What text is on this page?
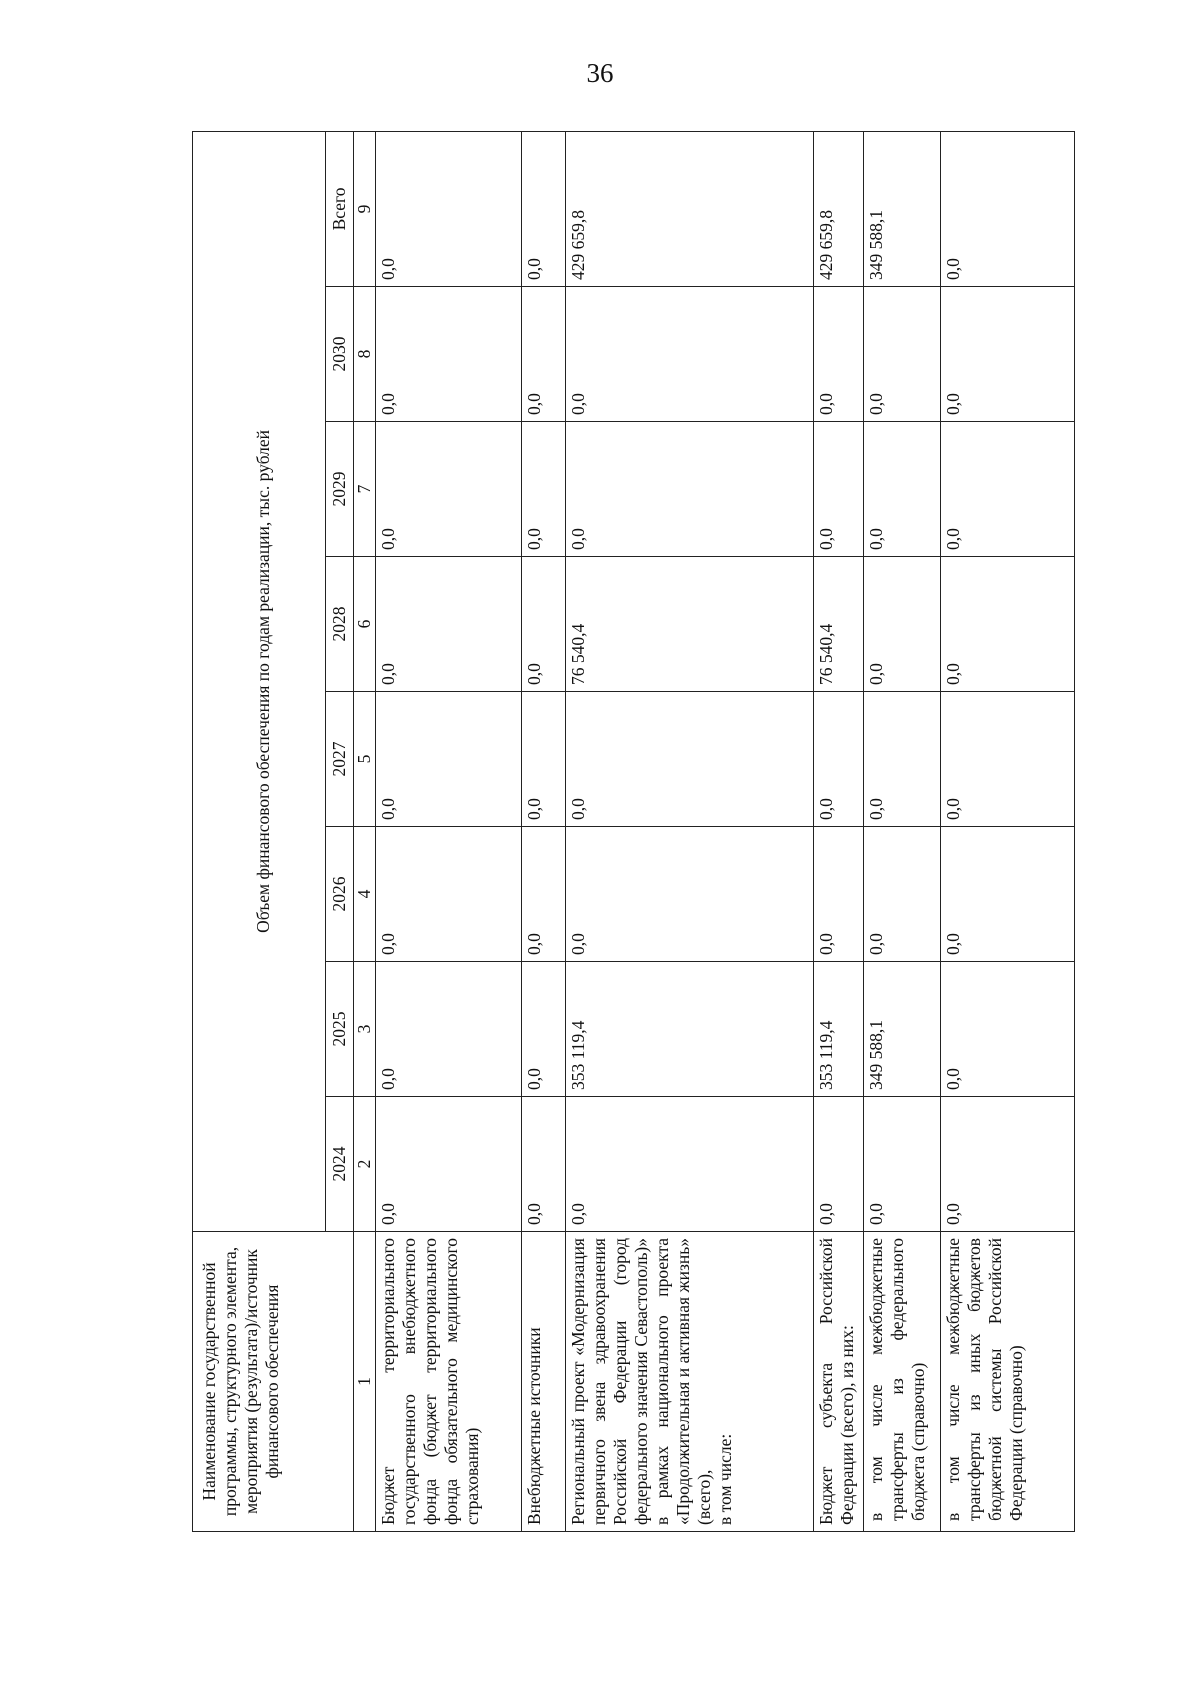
36
Наименование государственной программы, структурного элемента, мероприятия (результата)/источник финансового обеспечения	Объем финансового обеспечения по годам реализации, тыс. рублей							
	2024	2025	2026	2027	2028	2029	2030	Всего
1	2	3	4	5	6	7	8	9
Бюджет территориального государственного внебюджетного фонда (бюджет территориального фонда обязательного медицинского страхования)	0,0	0,0	0,0	0,0	0,0	0,0	0,0	0,0
Внебюджетные источники	0,0	0,0	0,0	0,0	0,0	0,0	0,0	0,0

Региональный проект «Модернизация первичного звена здравоохранения Российской Федерации (город федерального значения Севастополь)» в рамках национального проекта «Продолжительная и активная жизнь» (всего), в том числе:	0,0	353 119,4	0,0	0,0	76 540,4	0,0	0,0	429 659,8
Бюджет субъекта Российской Федерации (всего), из них:	0,0	353 119,4	0,0	0,0	76 540,4	0,0	0,0	429 659,8
в том числе межбюджетные трансферты из федерального бюджета (справочно)	0,0	349 588,1	0,0	0,0	0,0	0,0	0,0	349 588,1
в том числе межбюджетные трансферты из иных бюджетов бюджетной системы Российской Федерации (справочно)	0,0	0,0	0,0	0,0	0,0	0,0	0,0	0,0
